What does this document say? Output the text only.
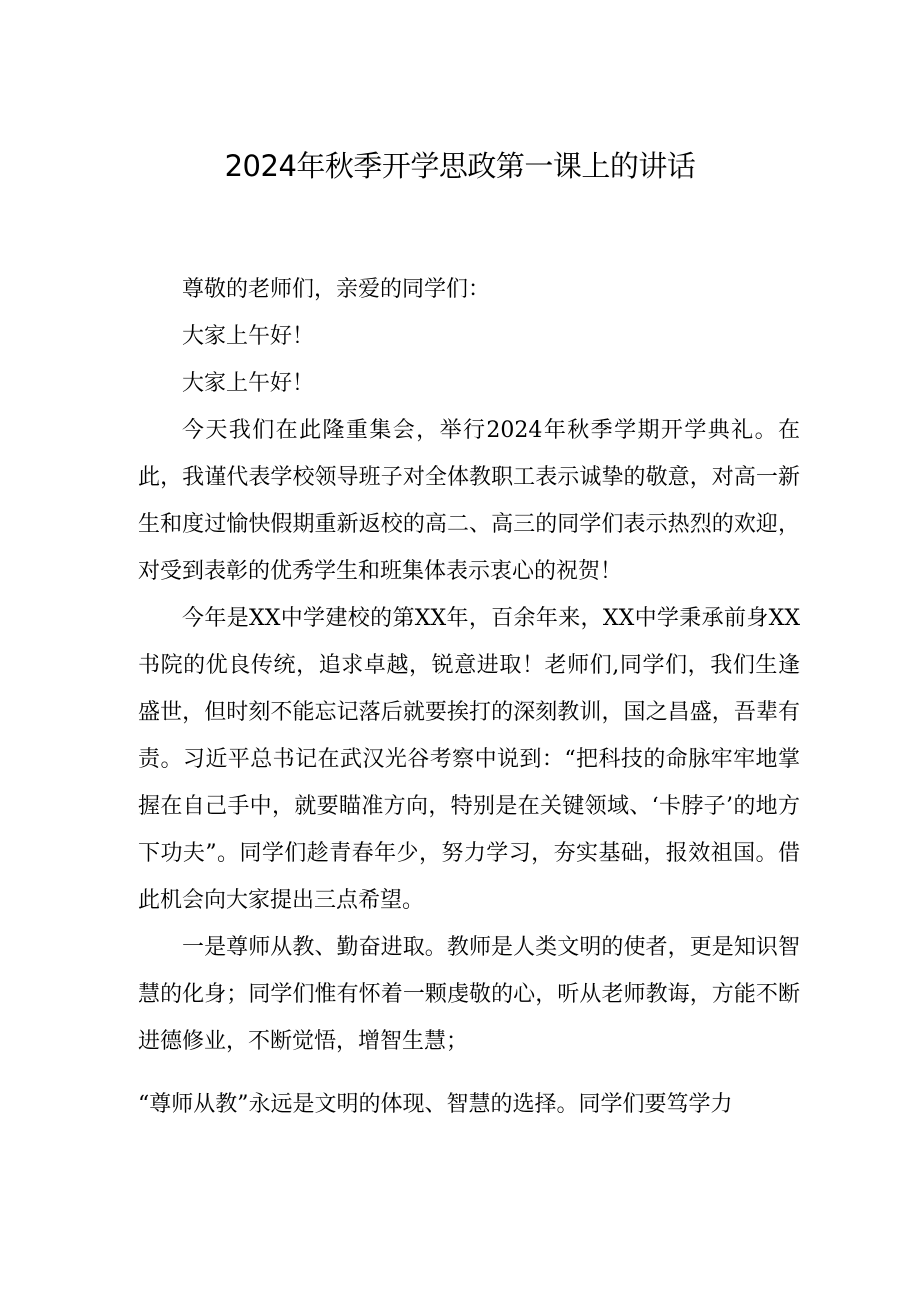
2024年秋季开学思政第一课上的讲话

尊敬的老师们，亲爱的同学们：

大家上午好！

大家上午好！

今天我们在此隆重集会，举行2024年秋季学期开学典礼。在此，我谨代表学校领导班子对全体教职工表示诚挚的敬意，对高一新生和度过愉快假期重新返校的高二、高三的同学们表示热烈的欢迎，对受到表彰的优秀学生和班集体表示衷心的祝贺！

今年是XX中学建校的第XX年，百余年来，XX中学秉承前身XX书院的优良传统，追求卓越，锐意进取！老师们,同学们，我们生逢盛世，但时刻不能忘记落后就要挨打的深刻教训，国之昌盛，吾辈有责。习近平总书记在武汉光谷考察中说到：“把科技的命脉牢牢地掌握在自己手中，就要瞄准方向，特别是在关键领域、‘卡脖子’的地方下功夫”。同学们趁青春年少，努力学习，夯实基础，报效祖国。借此机会向大家提出三点希望。

一是尊师从教、勤奋进取。教师是人类文明的使者，更是知识智慧的化身；同学们惟有怀着一颗虔敬的心，听从老师教诲，方能不断进德修业，不断觉悟，增智生慧；

“尊师从教”永远是文明的体现、智慧的选择。同学们要笃学力
